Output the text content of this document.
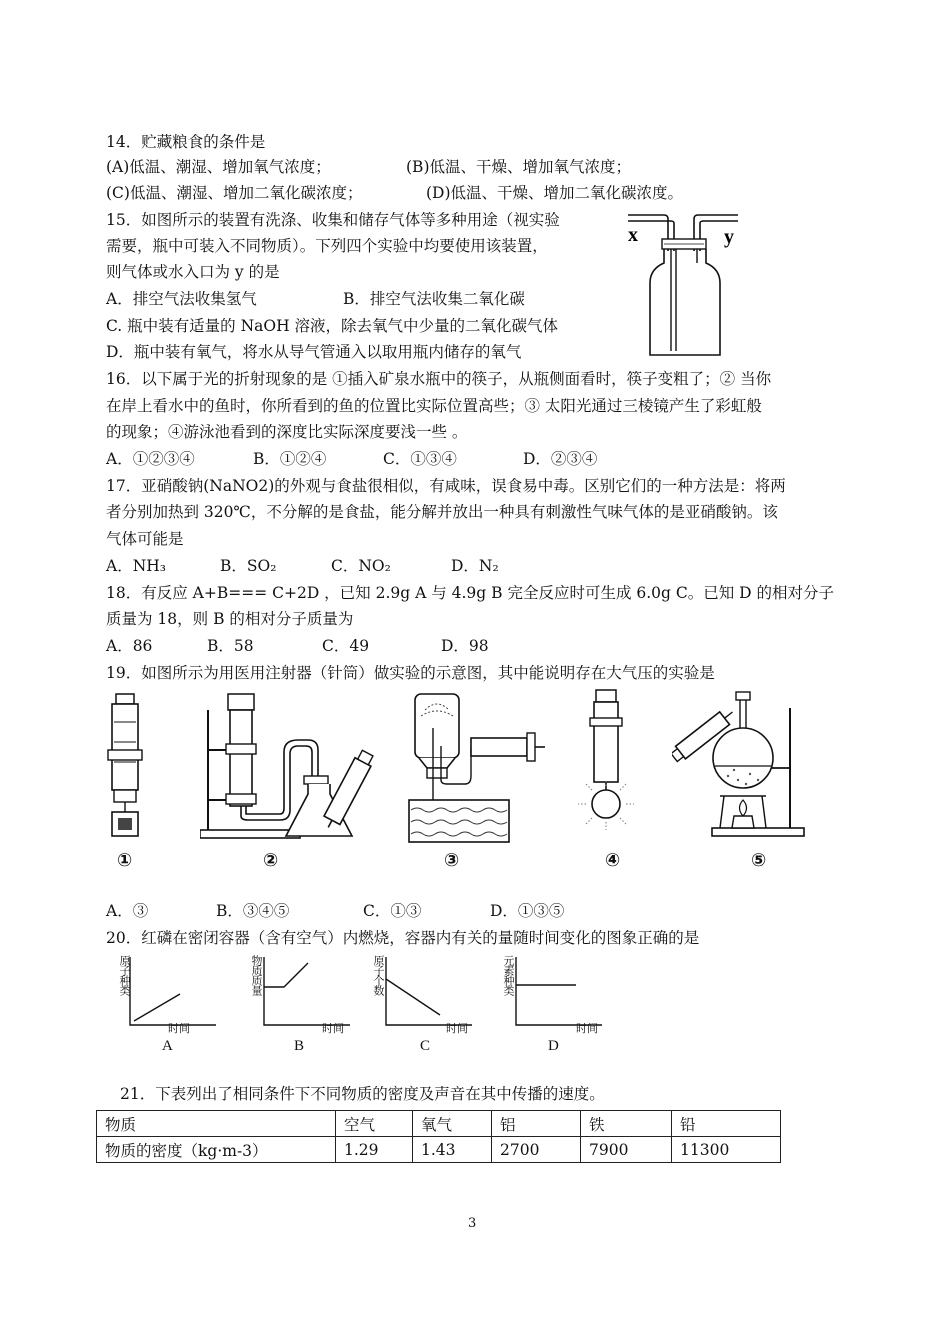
14．贮藏粮食的条件是
(A)低温、潮湿、增加氧气浓度；	(B)低温、干燥、增加氧气浓度；
(C)低温、潮湿、增加二氧化碳浓度；	(D)低温、干燥、增加二氧化碳浓度。
15．如图所示的装置有洗涤、收集和储存气体等多种用途（视实验
需要，瓶中可装入不同物质）。下列四个实验中均要使用该装置，
则气体或水入口为 y 的是
A．排空气法收集氢气	B．排空气法收集二氧化碳
C. 瓶中装有适量的 NaOH 溶液，除去氧气中少量的二氧化碳气体
D．瓶中装有氧气，将水从导气管通入以取用瓶内储存的氧气
x	y
16．以下属于光的折射现象的是 ①插入矿泉水瓶中的筷子，从瓶侧面看时，筷子变粗了；② 当你
在岸上看水中的鱼时，你所看到的鱼的位置比实际位置高些；③ 太阳光通过三棱镜产生了彩虹般
的现象；④游泳池看到的深度比实际深度要浅一些 。
A．①②③④	B．①②④	C．①③④	D．②③④
17．亚硝酸钠(NaNO2)的外观与食盐很相似，有咸味，误食易中毒。区别它们的一种方法是：将两
者分别加热到 320℃，不分解的是食盐，能分解并放出一种具有刺激性气味气体的是亚硝酸钠。该
气体可能是
A．NH₃	B．SO₂	C．NO₂	D．N₂
18．有反应 A+B=== C+2D ，已知 2.9g A 与 4.9g B 完全反应时可生成 6.0g C。已知 D 的相对分子
质量为 18，则 B 的相对分子质量为
A．86	B．58	C．49	D．98
19．如图所示为用医用注射器（针筒）做实验的示意图，其中能说明存在大气压的实验是
①	②	③	④	⑤
A．③	B．③④⑤	C．①③	D．①③⑤
20．红磷在密闭容器（含有空气）内燃烧，容器内有关的量随时间变化的图象正确的是
原子种类
时间
A
物质质量
时间
B
原子个数
时间
C
元素种类
时间
D
21．下表列出了相同条件下不同物质的密度及声音在其中传播的速度。
物质	空气	氧气	铝	铁	铅
物质的密度（kg·m-3）	1.29	1.43	2700	7900	11300
3
